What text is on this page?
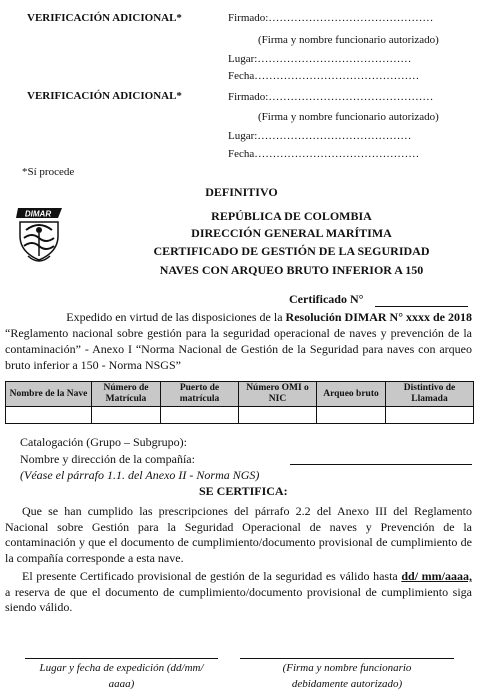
VERIFICACIÓN ADICIONAL*	Firmado:………………………………………
(Firma y nombre funcionario autorizado)
Lugar:……………………………………
Fecha………………………………………
VERIFICACIÓN ADICIONAL*	Firmado:………………………………………
(Firma y nombre funcionario autorizado)
Lugar:……………………………………
Fecha………………………………………
*Sí procede
DEFINITIVO
DIMAR	REPÚBLICA DE COLOMBIA
DIRECCIÓN GENERAL MARÍTIMA
CERTIFICADO DE GESTIÓN DE LA SEGURIDAD
NAVES CON ARQUEO BRUTO INFERIOR A 150
Certificado N°
Expedido en virtud de las disposiciones de la Resolución DIMAR N° xxxx de 2018
“Reglamento nacional sobre gestión para la seguridad operacional de naves y prevención de la contaminación” - Anexo I “Norma Nacional de Gestión de la Seguridad para naves con arqueo bruto inferior a 150 - Norma NSGS”
Nombre de la Nave	Número de Matrícula	Puerto de matrícula	Número OMI o NIC	Arqueo bruto	Distintivo de Llamada

Catalogación (Grupo – Subgrupo):
Nombre y dirección de la compañía:
(Véase el párrafo 1.1. del Anexo II - Norma NGS)
SE CERTIFICA:
Que se han cumplido las prescripciones del párrafo 2.2 del Anexo III del Reglamento Nacional sobre Gestión para la Seguridad Operacional de naves y Prevención de la contaminación y que el documento de cumplimiento/documento provisional de cumplimiento de la compañía corresponde a esta nave.
El presente Certificado provisional de gestión de la seguridad es válido hasta dd/ mm/aaaa, a reserva de que el documento de cumplimiento/documento provisional de cumplimiento siga siendo válido.
Lugar y fecha de expedición (dd/mm/
aaaa)
(Firma y nombre funcionario
debidamente autorizado)
